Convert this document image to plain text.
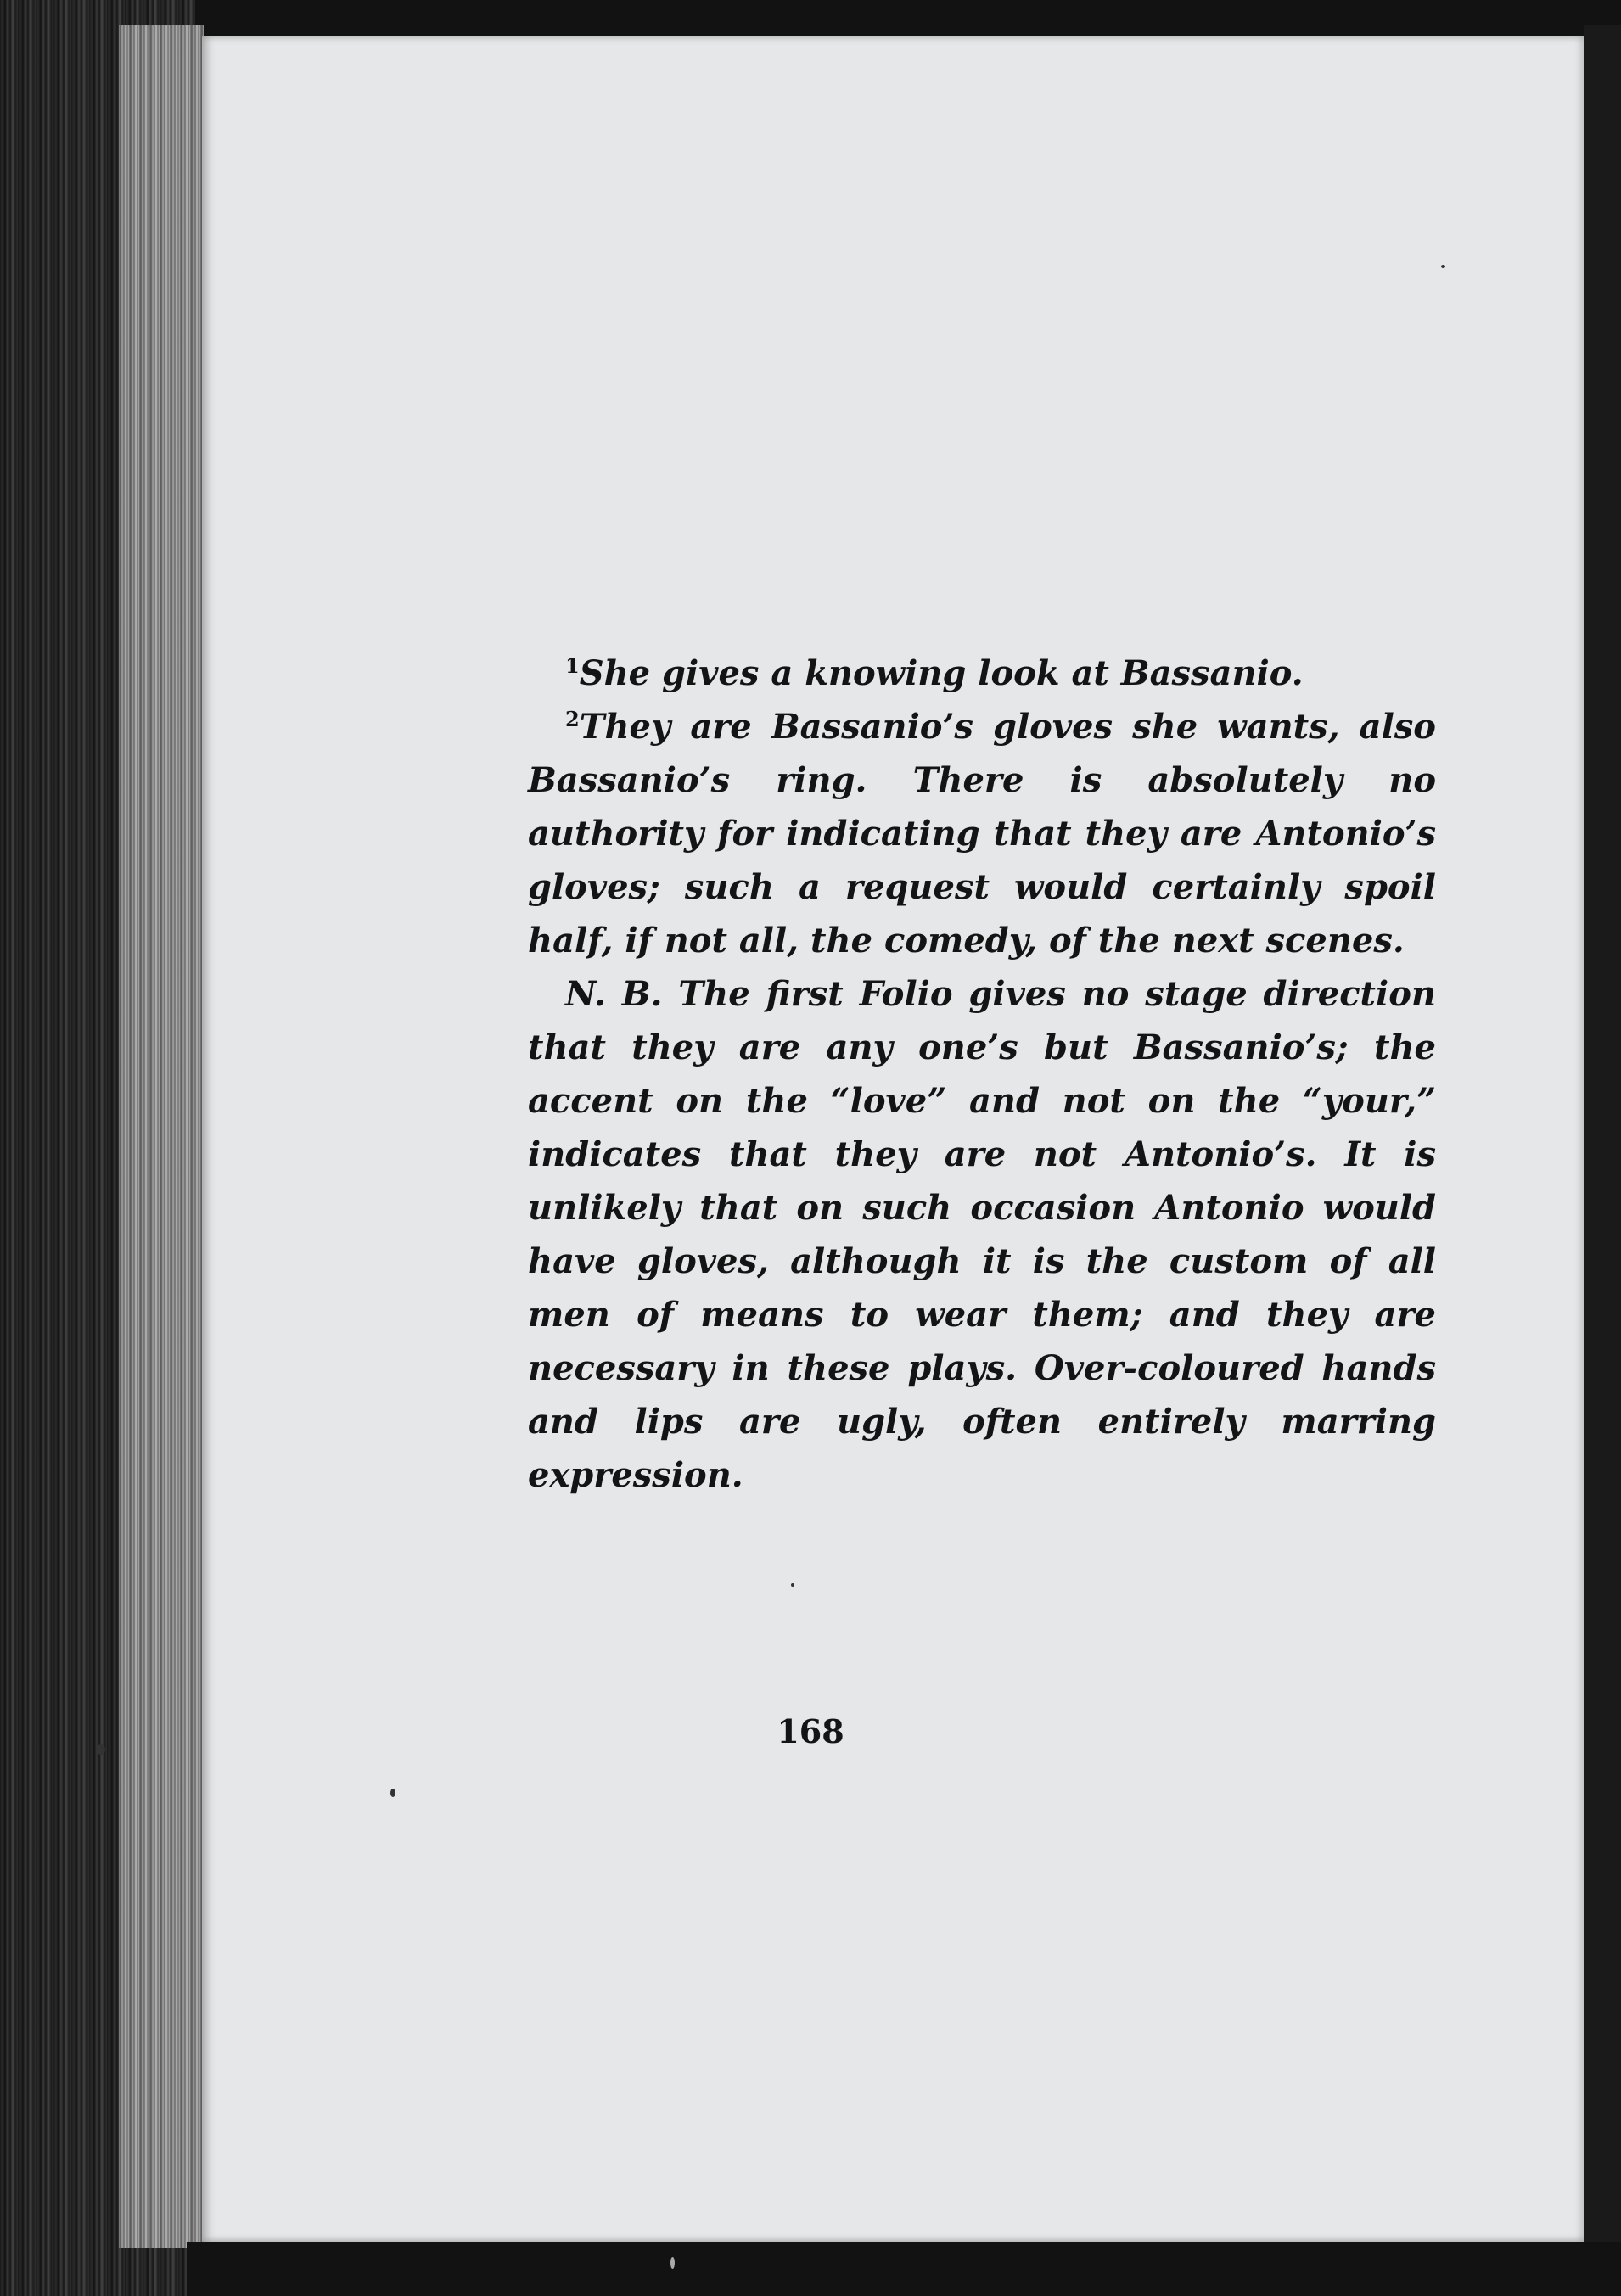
$^1$She gives a knowing look at Bassanio.

$^2$They are Bassanio’s gloves she wants, also Bassanio’s ring. There is absolutely no authority for indicating that they are Antonio’s gloves; such a request would certainly spoil half, if not all, the comedy, of the next scenes.

N. B. The first Folio gives no stage direction that they are any one’s but Bassanio’s; the accent on the “love” and not on the “your,” indicates that they are not Antonio’s. It is unlikely that on such occasion Antonio would have gloves, although it is the custom of all men of means to wear them; and they are necessary in these plays. Over-coloured hands and lips are ugly, often entirely marring expression.

168
